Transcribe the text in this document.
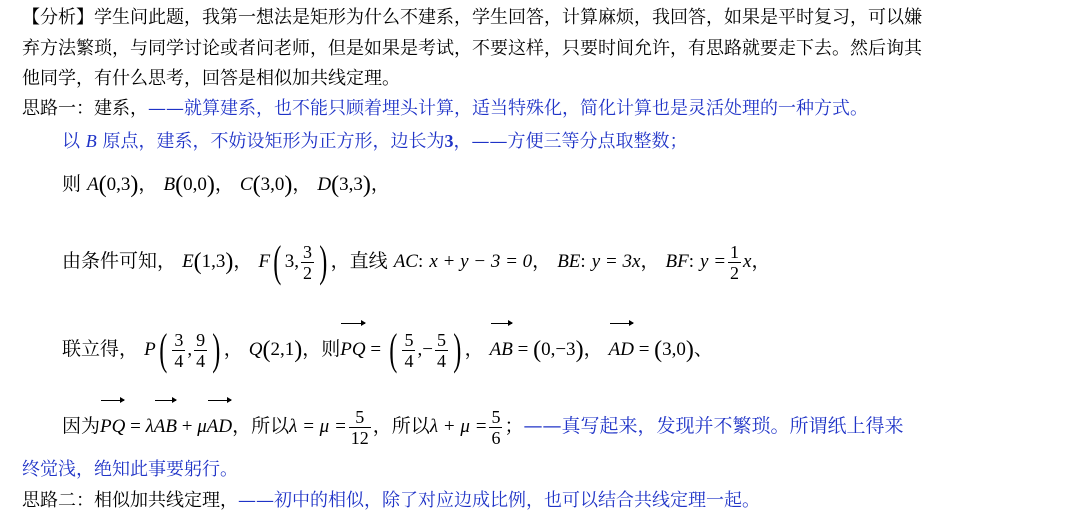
【分析】学生问此题，我第一想法是矩形为什么不建系，学生回答，计算麻烦，我回答，如果是平时复习，可以嫌
弃方法繁琐，与同学讨论或者问老师，但是如果是考试，不要这样，只要时间允许，有思路就要走下去。然后询其
他同学，有什么思考，回答是相似加共线定理。
思路一：建系，——就算建系，也不能只顾着埋头计算，适当特殊化，简化计算也是灵活处理的一种方式。
以 B 原点，建系，不妨设矩形为正方形，边长为3，——方便三等分点取整数；
则 A(0,3)， B(0,0)， C(3,0)， D(3,3)，
由条件可知， E(1,3)， F( 3, $\frac{3}{2}$ ) ，直线 AC: x + y − 3 = 0， BE: y = 3x， BF: $y = \frac{1}{2}$ x，
联立得， $P( \frac{3}{4}$ , $\frac{9}{4}$ ) ， Q(2,1)，则PQ = ( $\frac{5}{4}$ ,− $\frac{5}{4}$ ) ， AB = (0,−3)， AD = (3,0)、
因为PQ = λAB + μAD，所以$\lambda = \mu = \frac{5}{12}$ ，所以$\lambda + \mu = \frac{5}{6}$ ；——真写起来，发现并不繁琐。所谓纸上得来
终觉浅，绝知此事要躬行。
思路二：相似加共线定理，——初中的相似，除了对应边成比例，也可以结合共线定理一起。
